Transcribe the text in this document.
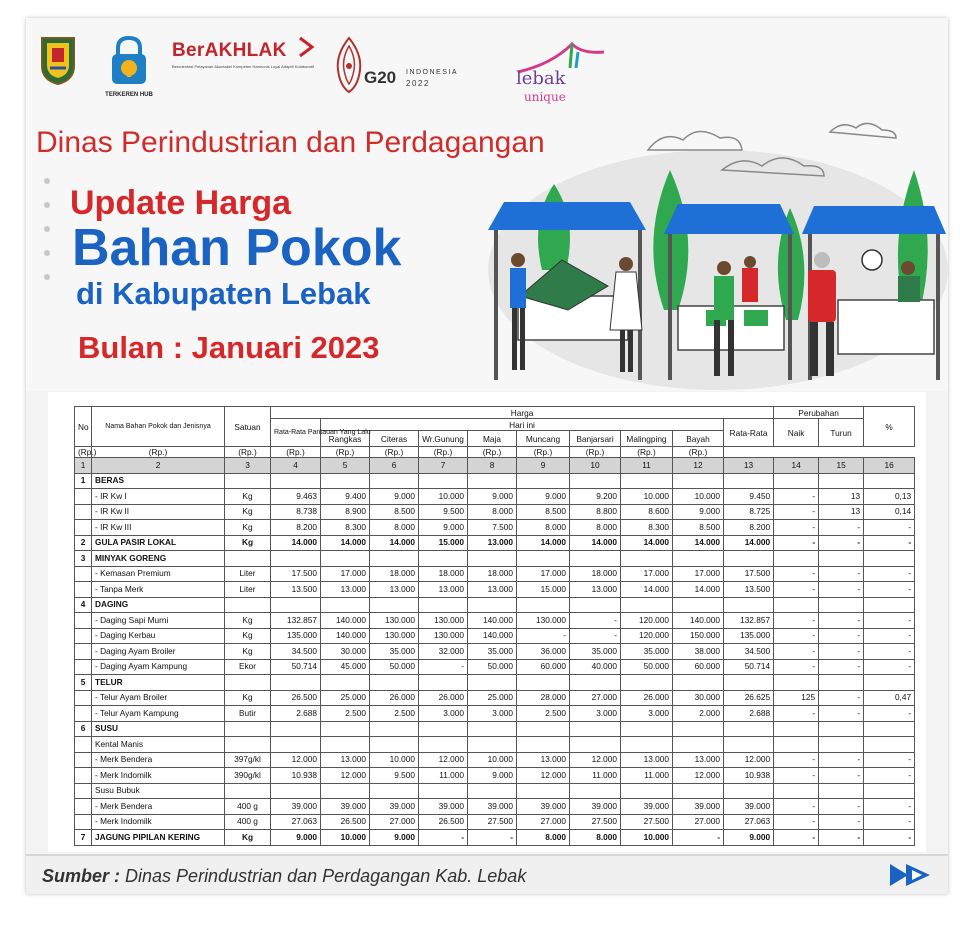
TERKEREN HUB
BerAKHLAK
Berorientasi Pelayanan Akuntabel Kompeten Harmonis Loyal Adaptif Kolaboratif
G20 INDONESIA
2022	lebak
unique
Dinas Perindustrian dan Perdagangan
Update Harga
Bahan Pokok
di Kabupaten Lebak
Bulan : Januari 2023
No	Nama Bahan Pokok dan Jenisnya	Satuan	Harga										Perubahan		%
			Rata-Rata Pantauan Yang Lalu	Hari ini								Rata-Rata	Naik	Turun	
				Rangkas	Citeras	Wr.Gunung	Maja	Muncang	Banjarsari	Malingping	Bayah				
(Rp.)	(Rp.)	(Rp.)	(Rp.)	(Rp.)	(Rp.)	(Rp.)	(Rp.)	(Rp.)	(Rp.)	(Rp.)	(Rp.)				
1	2	3	4	5	6	7	8	9	10	11	12	13	14	15	16
1	BERAS														
	- IR Kw I	Kg	9.463	9.400	9.000	10.000	9.000	9.000	9.200	10.000	10.000	9.450	-	13	0,13
	- IR Kw II	Kg	8.738	8.900	8.500	9.500	8.000	8.500	8.800	8.600	9.000	8.725	-	13	0,14
	- IR Kw III	Kg	8.200	8.300	8.000	9.000	7.500	8.000	8.000	8.300	8.500	8.200	-	-	-
2	GULA PASIR LOKAL	Kg	14.000	14.000	14.000	15.000	13.000	14.000	14.000	14.000	14.000	14.000	-	-	-
3	MINYAK GORENG														
	- Kemasan Premium	Liter	17.500	17.000	18.000	18.000	18.000	17.000	18.000	17.000	17.000	17.500	-	-	-
	- Tanpa Merk	Liter	13.500	13.000	13.000	13.000	13.000	15.000	13.000	14.000	14.000	13.500	-	-	-
4	DAGING														
	- Daging Sapi Murni	Kg	132.857	140.000	130.000	130.000	140.000	130.000	-	120.000	140.000	132.857	-	-	-
	- Daging Kerbau	Kg	135.000	140.000	130.000	130.000	140.000	-	-	120.000	150.000	135.000	-	-	-
	- Daging Ayam Broiler	Kg	34.500	30.000	35.000	32.000	35.000	36.000	35.000	35.000	38.000	34.500	-	-	-
	- Daging Ayam Kampung	Ekor	50.714	45.000	50.000	-	50.000	60.000	40.000	50.000	60.000	50.714	-	-	-
5	TELUR														
	- Telur Ayam Broiler	Kg	26.500	25.000	26.000	26.000	25.000	28.000	27.000	26.000	30.000	26.625	125	-	0,47
	- Telur Ayam Kampung	Butir	2.688	2.500	2.500	3.000	3.000	2.500	3.000	3.000	2.000	2.688	-	-	-
6	SUSU														
	Kental Manis														
	- Merk Bendera	397g/kl	12.000	13.000	10.000	12.000	10.000	13.000	12.000	13.000	13.000	12.000	-	-	-
	- Merk Indomilk	390g/kl	10.938	12.000	9.500	11.000	9.000	12.000	11.000	11.000	12.000	10.938	-	-	-
	Susu Bubuk														
	- Merk Bendera	400 g	39.000	39.000	39.000	39.000	39.000	39.000	39.000	39.000	39.000	39.000	-	-	-
	- Merk Indomilk	400 g	27.063	26.500	27.000	26.500	27.500	27.000	27.500	27.500	27.000	27.063	-	-	-
7	JAGUNG PIPILAN KERING	Kg	9.000	10.000	9.000	-	-	8.000	8.000	10.000	-	9.000	-	-	-
Sumber : Dinas Perindustrian dan Perdagangan Kab. Lebak
